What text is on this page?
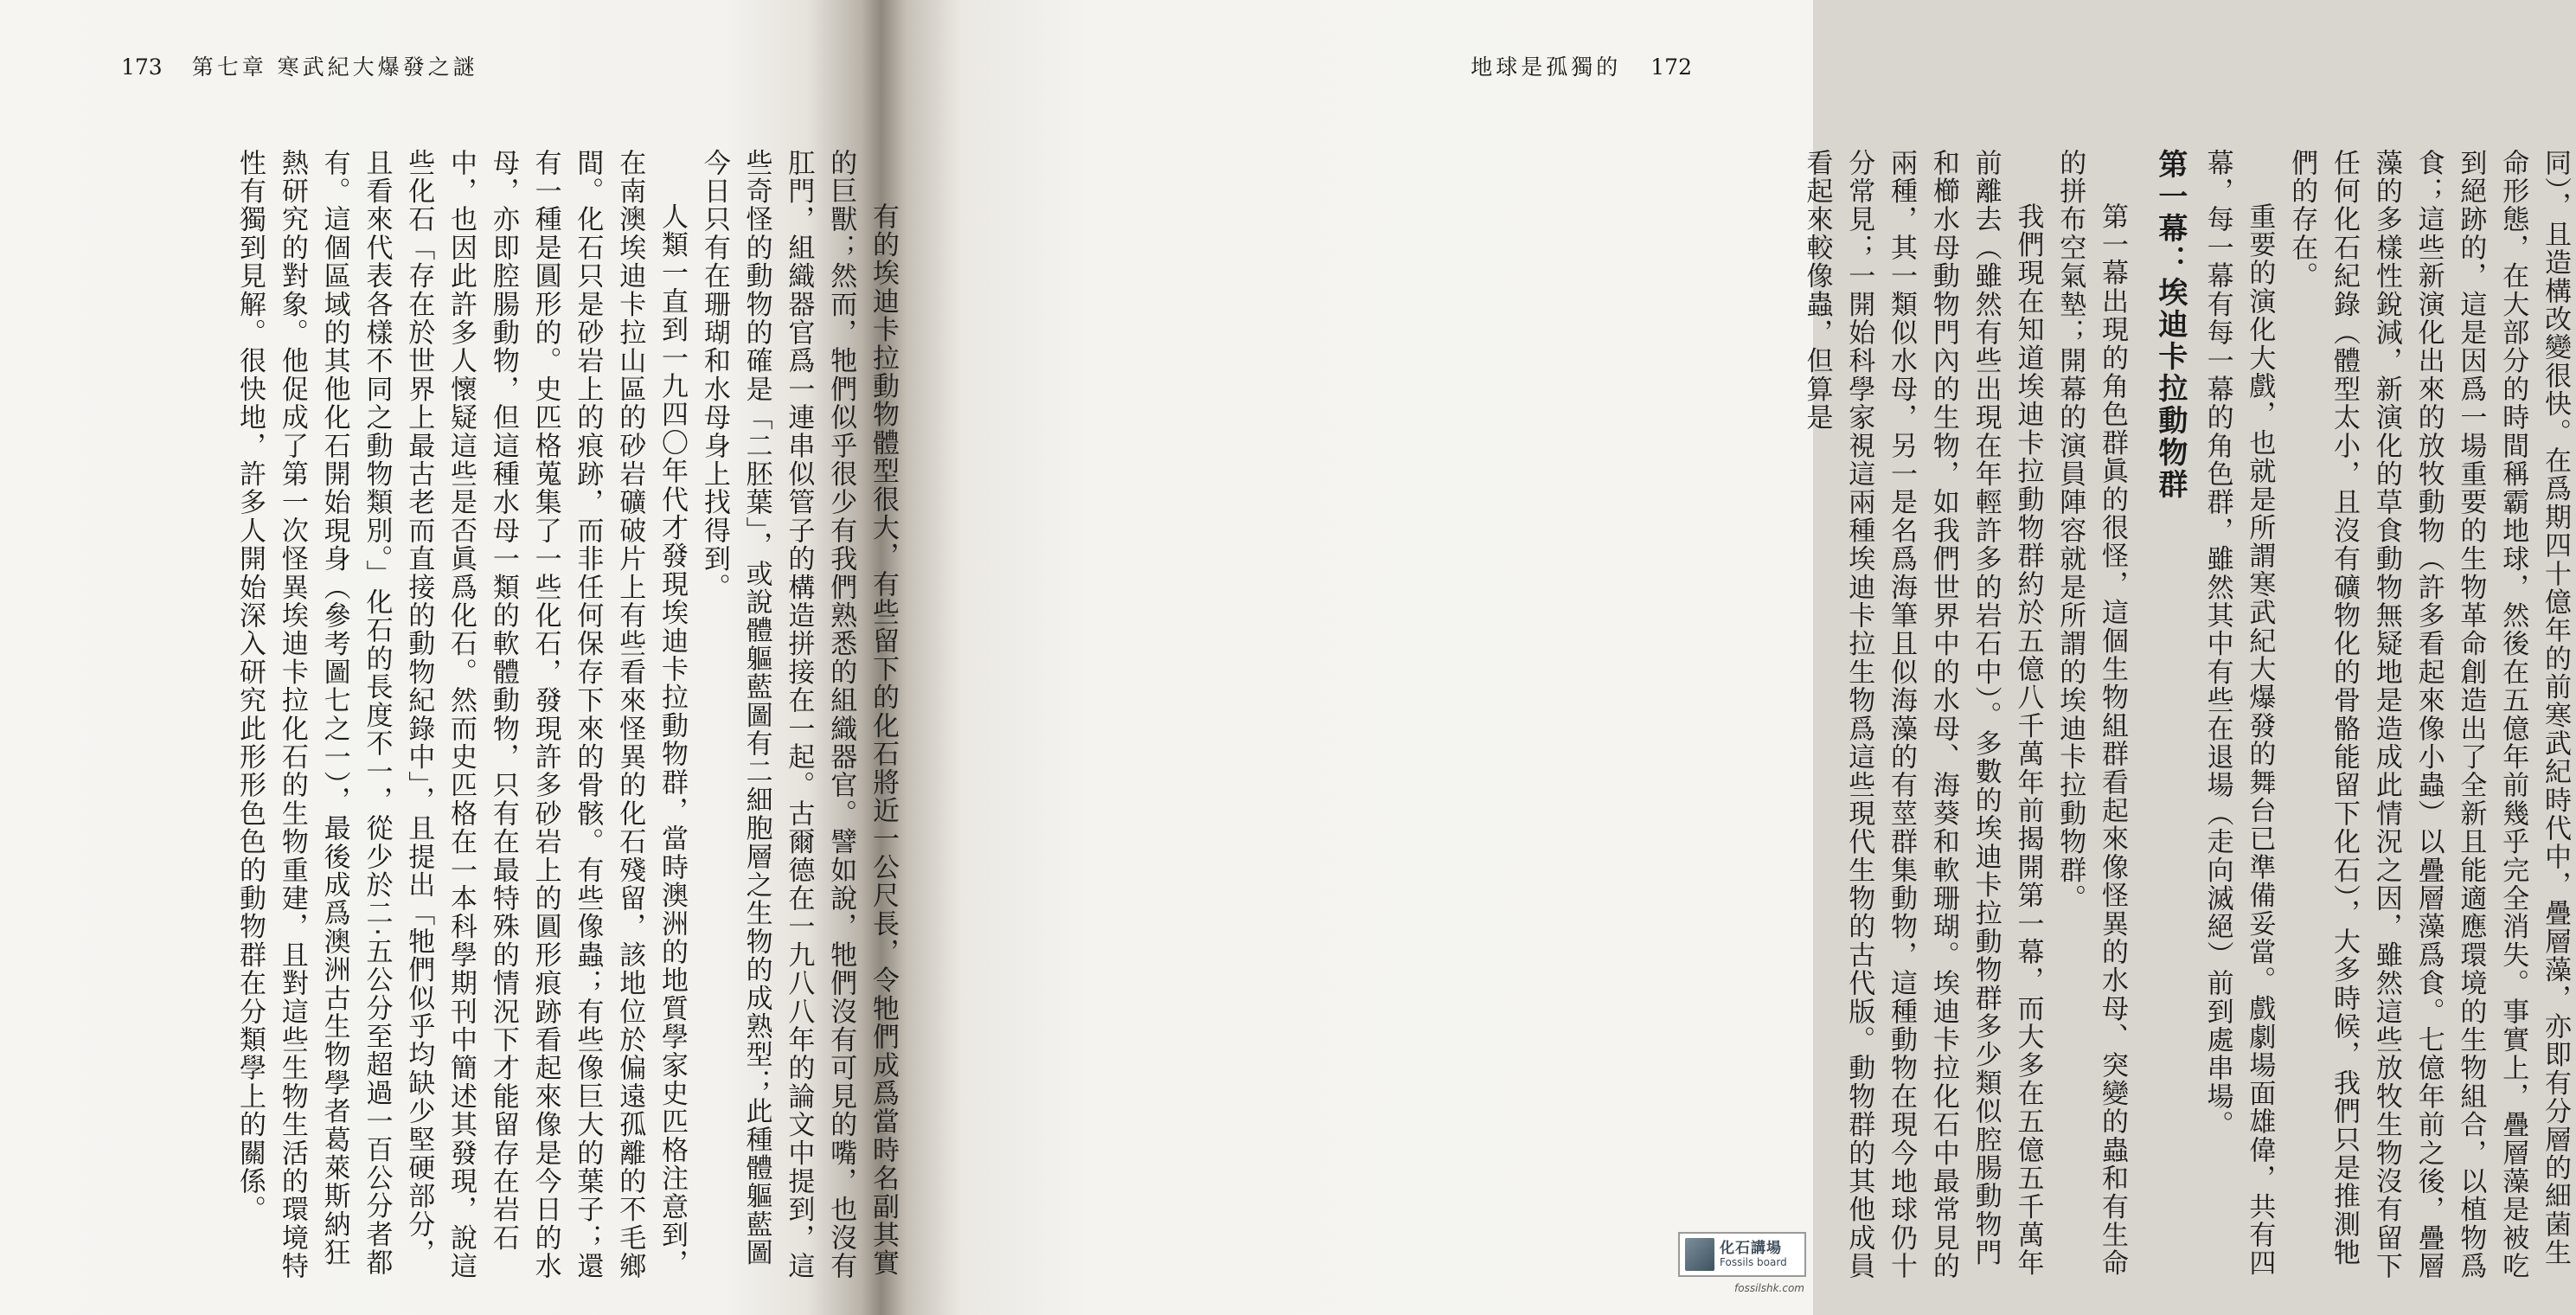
173 第七章 寒武紀大爆發之謎

有的埃迪卡拉動物體型很大，有些留下的化石將近一公尺長，令牠們成爲當時名副其實的巨獸；然而，牠們似乎很少有我們熟悉的組織器官。譬如說，牠們沒有可見的嘴，也沒有肛門，組織器官爲一連串似管子的構造拼接在一起。古爾德在一九八八年的論文中提到，這些奇怪的動物的確是「二胚葉」，或說體軀藍圖有二細胞層之生物的成熟型；此種體軀藍圖今日只有在珊瑚和水母身上找得到。

人類一直到一九四〇年代才發現埃迪卡拉動物群，當時澳洲的地質學家史匹格注意到，在南澳埃迪卡拉山區的砂岩礦破片上有些看來怪異的化石殘留，該地位於偏遠孤離的不毛鄉間。化石只是砂岩上的痕跡，而非任何保存下來的骨骸。有些像蟲；有些像巨大的葉子；還有一種是圓形的。史匹格蒐集了一些化石，發現許多砂岩上的圓形痕跡看起來像是今日的水母，亦即腔腸動物，但這種水母一類的軟體動物，只有在最特殊的情況下才能留存在岩石中，也因此許多人懷疑這些是否眞爲化石。然而史匹格在一本科學期刊中簡述其發現，說這些化石「存在於世界上最古老而直接的動物紀錄中」，且提出「牠們似乎均缺少堅硬部分，且看來代表各樣不同之動物類別。」化石的長度不一，從少於二‧五公分至超過一百公分者都有。這個區域的其他化石開始現身（參考圖七之一），最後成爲澳洲古生物學者葛萊斯納狂熱研究的對象。他促成了第一次怪異埃迪卡拉化石的生物重建，且對這些生物生活的環境特性有獨到見解。很快地，許多人開始深入研究此形形色色的動物群在分類學上的關係。

地球是孤獨的 172

同），且造構改變很快。在爲期四十億年的前寒武紀時代中，疊層藻，亦即有分層的細菌生命形態，在大部分的時間稱霸地球，然後在五億年前幾乎完全消失。事實上，疊層藻是被吃到絕跡的，這是因爲一場重要的生物革命創造出了全新且能適應環境的生物組合，以植物爲食；這些新演化出來的放牧動物（許多看起來像小蟲）以疊層藻爲食。七億年前之後，疊層藻的多樣性銳減，新演化的草食動物無疑地是造成此情況之因，雖然這些放牧生物沒有留下任何化石紀錄（體型太小，且沒有礦物化的骨骼能留下化石），大多時候，我們只是推測牠們的存在。

重要的演化大戲，也就是所謂寒武紀大爆發的舞台已準備妥當。戲劇場面雄偉，共有四幕，每一幕有每一幕的角色群，雖然其中有些在退場（走向滅絕）前到處串場。

第一幕：埃迪卡拉動物群

第一幕出現的角色群眞的很怪，這個生物組群看起來像怪異的水母、突變的蟲和有生命的拼布空氣墊；開幕的演員陣容就是所謂的埃迪卡拉動物群。

我們現在知道埃迪卡拉動物群約於五億八千萬年前揭開第一幕，而大多在五億五千萬年前離去（雖然有些出現在年輕許多的岩石中）。多數的埃迪卡拉動物群多少類似腔腸動物門和櫛水母動物門內的生物，如我們世界中的水母、海葵和軟珊瑚。埃迪卡拉化石中最常見的兩種，其一類似水母，另一是名爲海筆且似海藻的有莖群集動物，這種動物在現今地球仍十分常見；一開始科學家視這兩種埃迪卡拉生物爲這些現代生物的古代版。動物群的其他成員看起來較像蟲，但算是

化石講場
Fossils board
fossilshk.com
